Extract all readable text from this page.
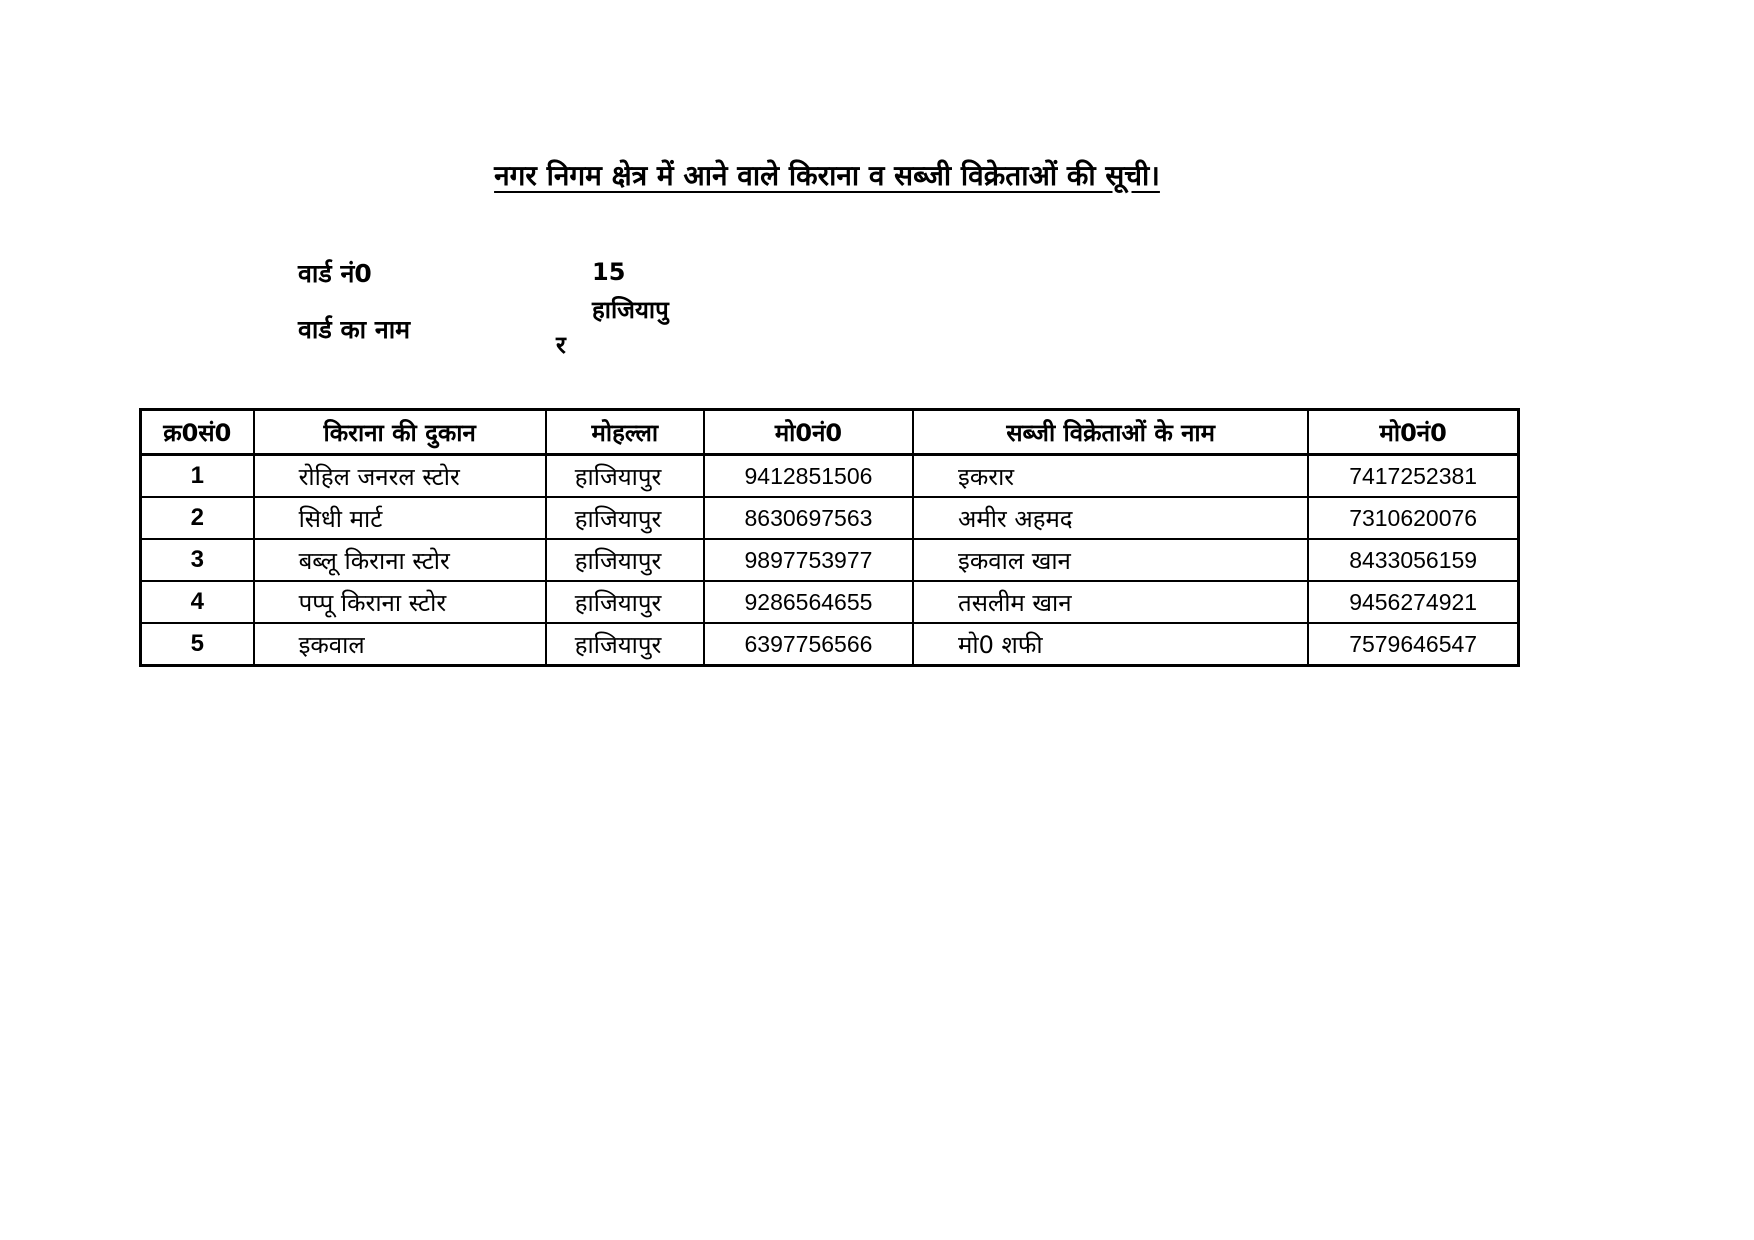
नगर निगम क्षेत्र में आने वाले किराना व सब्जी विक्रेताओं की सूची।
वार्ड नं0	15
वार्ड का नाम
हाजियापु
र
क्र0सं0	किराना की दुकान	मोहल्ला	मो0नं0	सब्जी विक्रेताओं के नाम	मो0नं0
1	रोहिल जनरल स्टोर	हाजियापुर	9412851506	इकरार	7417252381
2	सिधी मार्ट	हाजियापुर	8630697563	अमीर अहमद	7310620076
3	बब्लू किराना स्टोर	हाजियापुर	9897753977	इकवाल खान	8433056159
4	पप्पू किराना स्टोर	हाजियापुर	9286564655	तसलीम खान	9456274921
5	इकवाल	हाजियापुर	6397756566	मो0 शफी	7579646547
